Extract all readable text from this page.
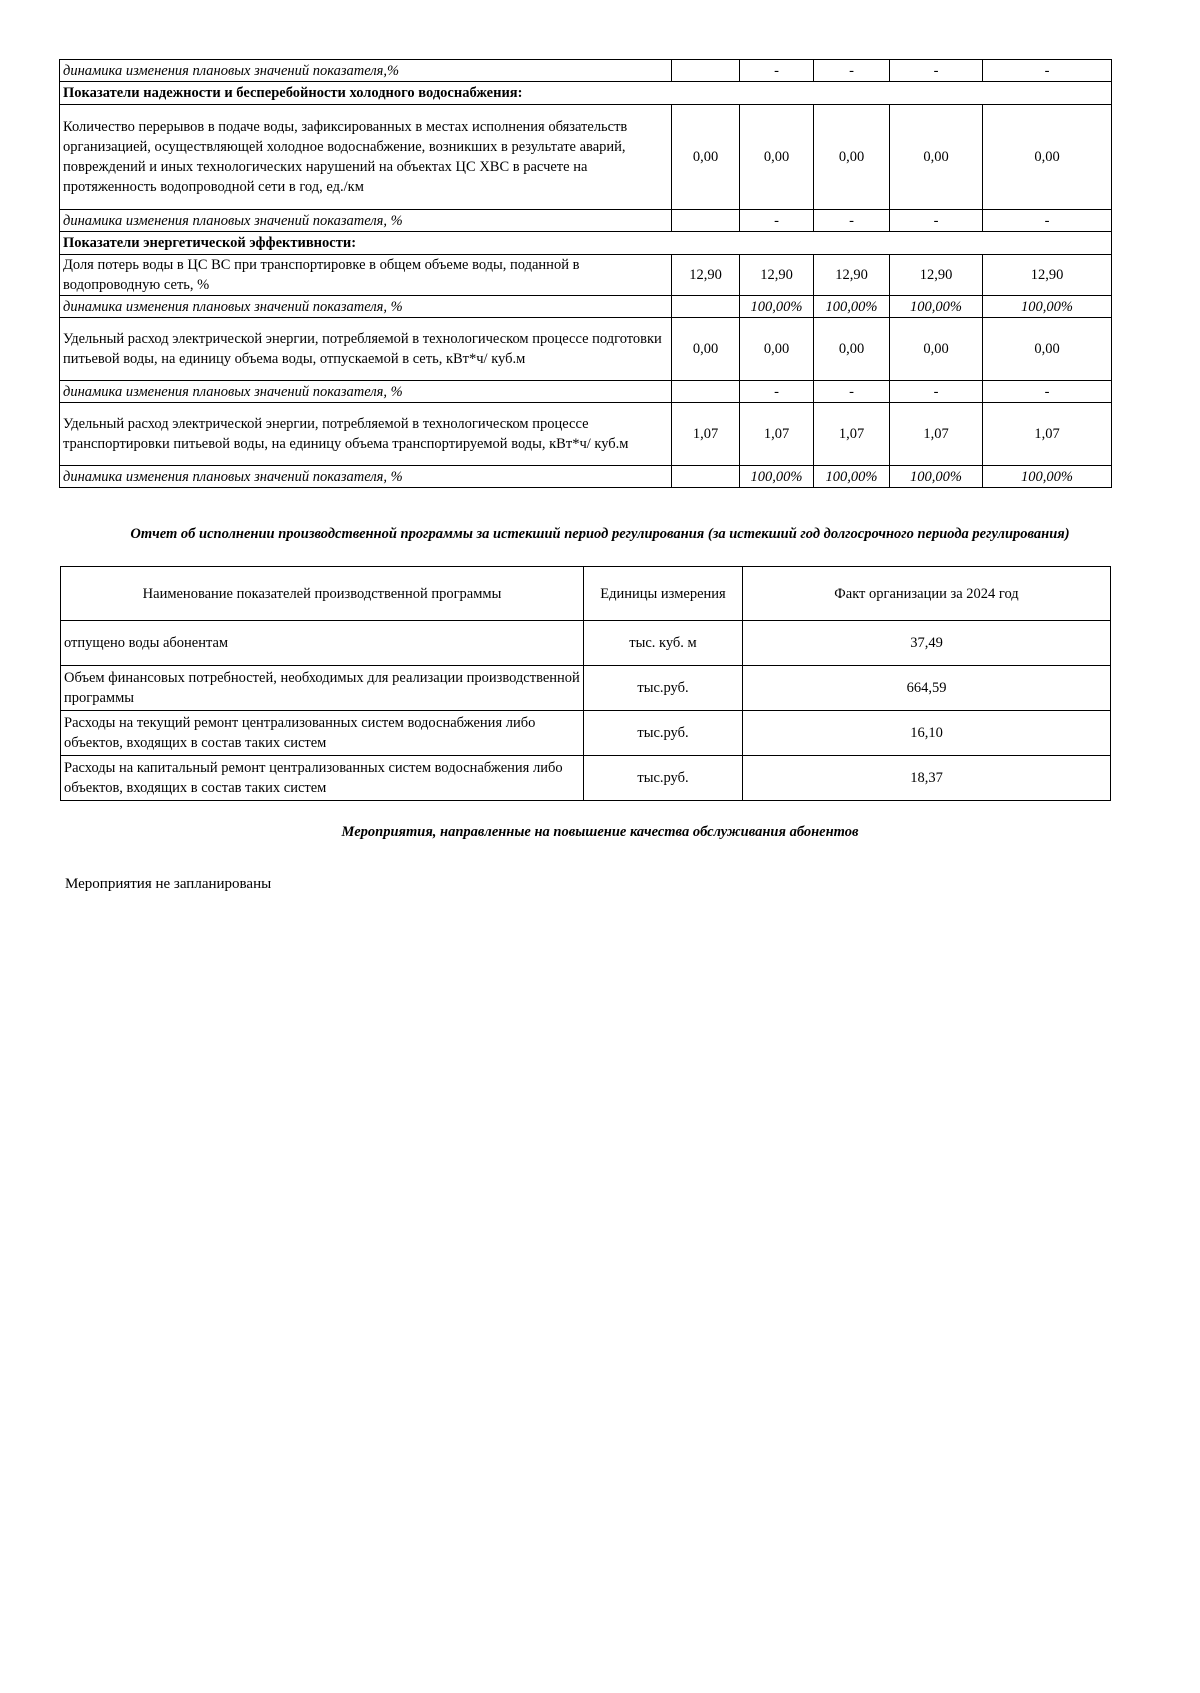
динамика изменения плановых значений показателя,%		-	-	-	-
Показатели надежности и бесперебойности холодного водоснабжения:					
Количество перерывов в подаче воды, зафиксированных в местах исполнения обязательств организацией, осуществляющей холодное водоснабжение, возникших в результате аварий, повреждений и иных технологических нарушений на объектах ЦС ХВС в расчете на протяженность водопроводной сети в год, ед./км	0,00	0,00	0,00	0,00	0,00
динамика изменения плановых значений показателя, %		-	-	-	-
Показатели энергетической эффективности:					
Доля потерь воды в ЦС ВС при транспортировке в общем объеме воды, поданной в водопроводную сеть, %	12,90	12,90	12,90	12,90	12,90
динамика изменения плановых значений показателя, %		100,00%	100,00%	100,00%	100,00%
Удельный расход электрической энергии, потребляемой в технологическом процессе подготовки питьевой воды, на единицу объема воды, отпускаемой в сеть, кВт*ч/ куб.м	0,00	0,00	0,00	0,00	0,00
динамика изменения плановых значений показателя, %		-	-	-	-
Удельный расход электрической энергии, потребляемой в технологическом процессе транспортировки питьевой воды, на единицу объема транспортируемой воды, кВт*ч/ куб.м	1,07	1,07	1,07	1,07	1,07
динамика изменения плановых значений показателя, %		100,00%	100,00%	100,00%	100,00%
Отчет об исполнении производственной программы за истекший период регулирования (за истекший год долгосрочного периода регулирования)
Наименование показателей производственной программы	Единицы измерения	Факт организации за 2024 год
отпущено воды абонентам	тыс. куб. м	37,49
Объем финансовых потребностей, необходимых для реализации производственной программы	тыс.руб.	664,59
Расходы на текущий ремонт централизованных систем водоснабжения либо объектов, входящих в состав таких систем	тыс.руб.	16,10
Расходы на капитальный ремонт централизованных систем водоснабжения либо объектов, входящих в состав таких систем	тыс.руб.	18,37
Мероприятия, направленные на повышение качества обслуживания абонентов
Мероприятия не запланированы
